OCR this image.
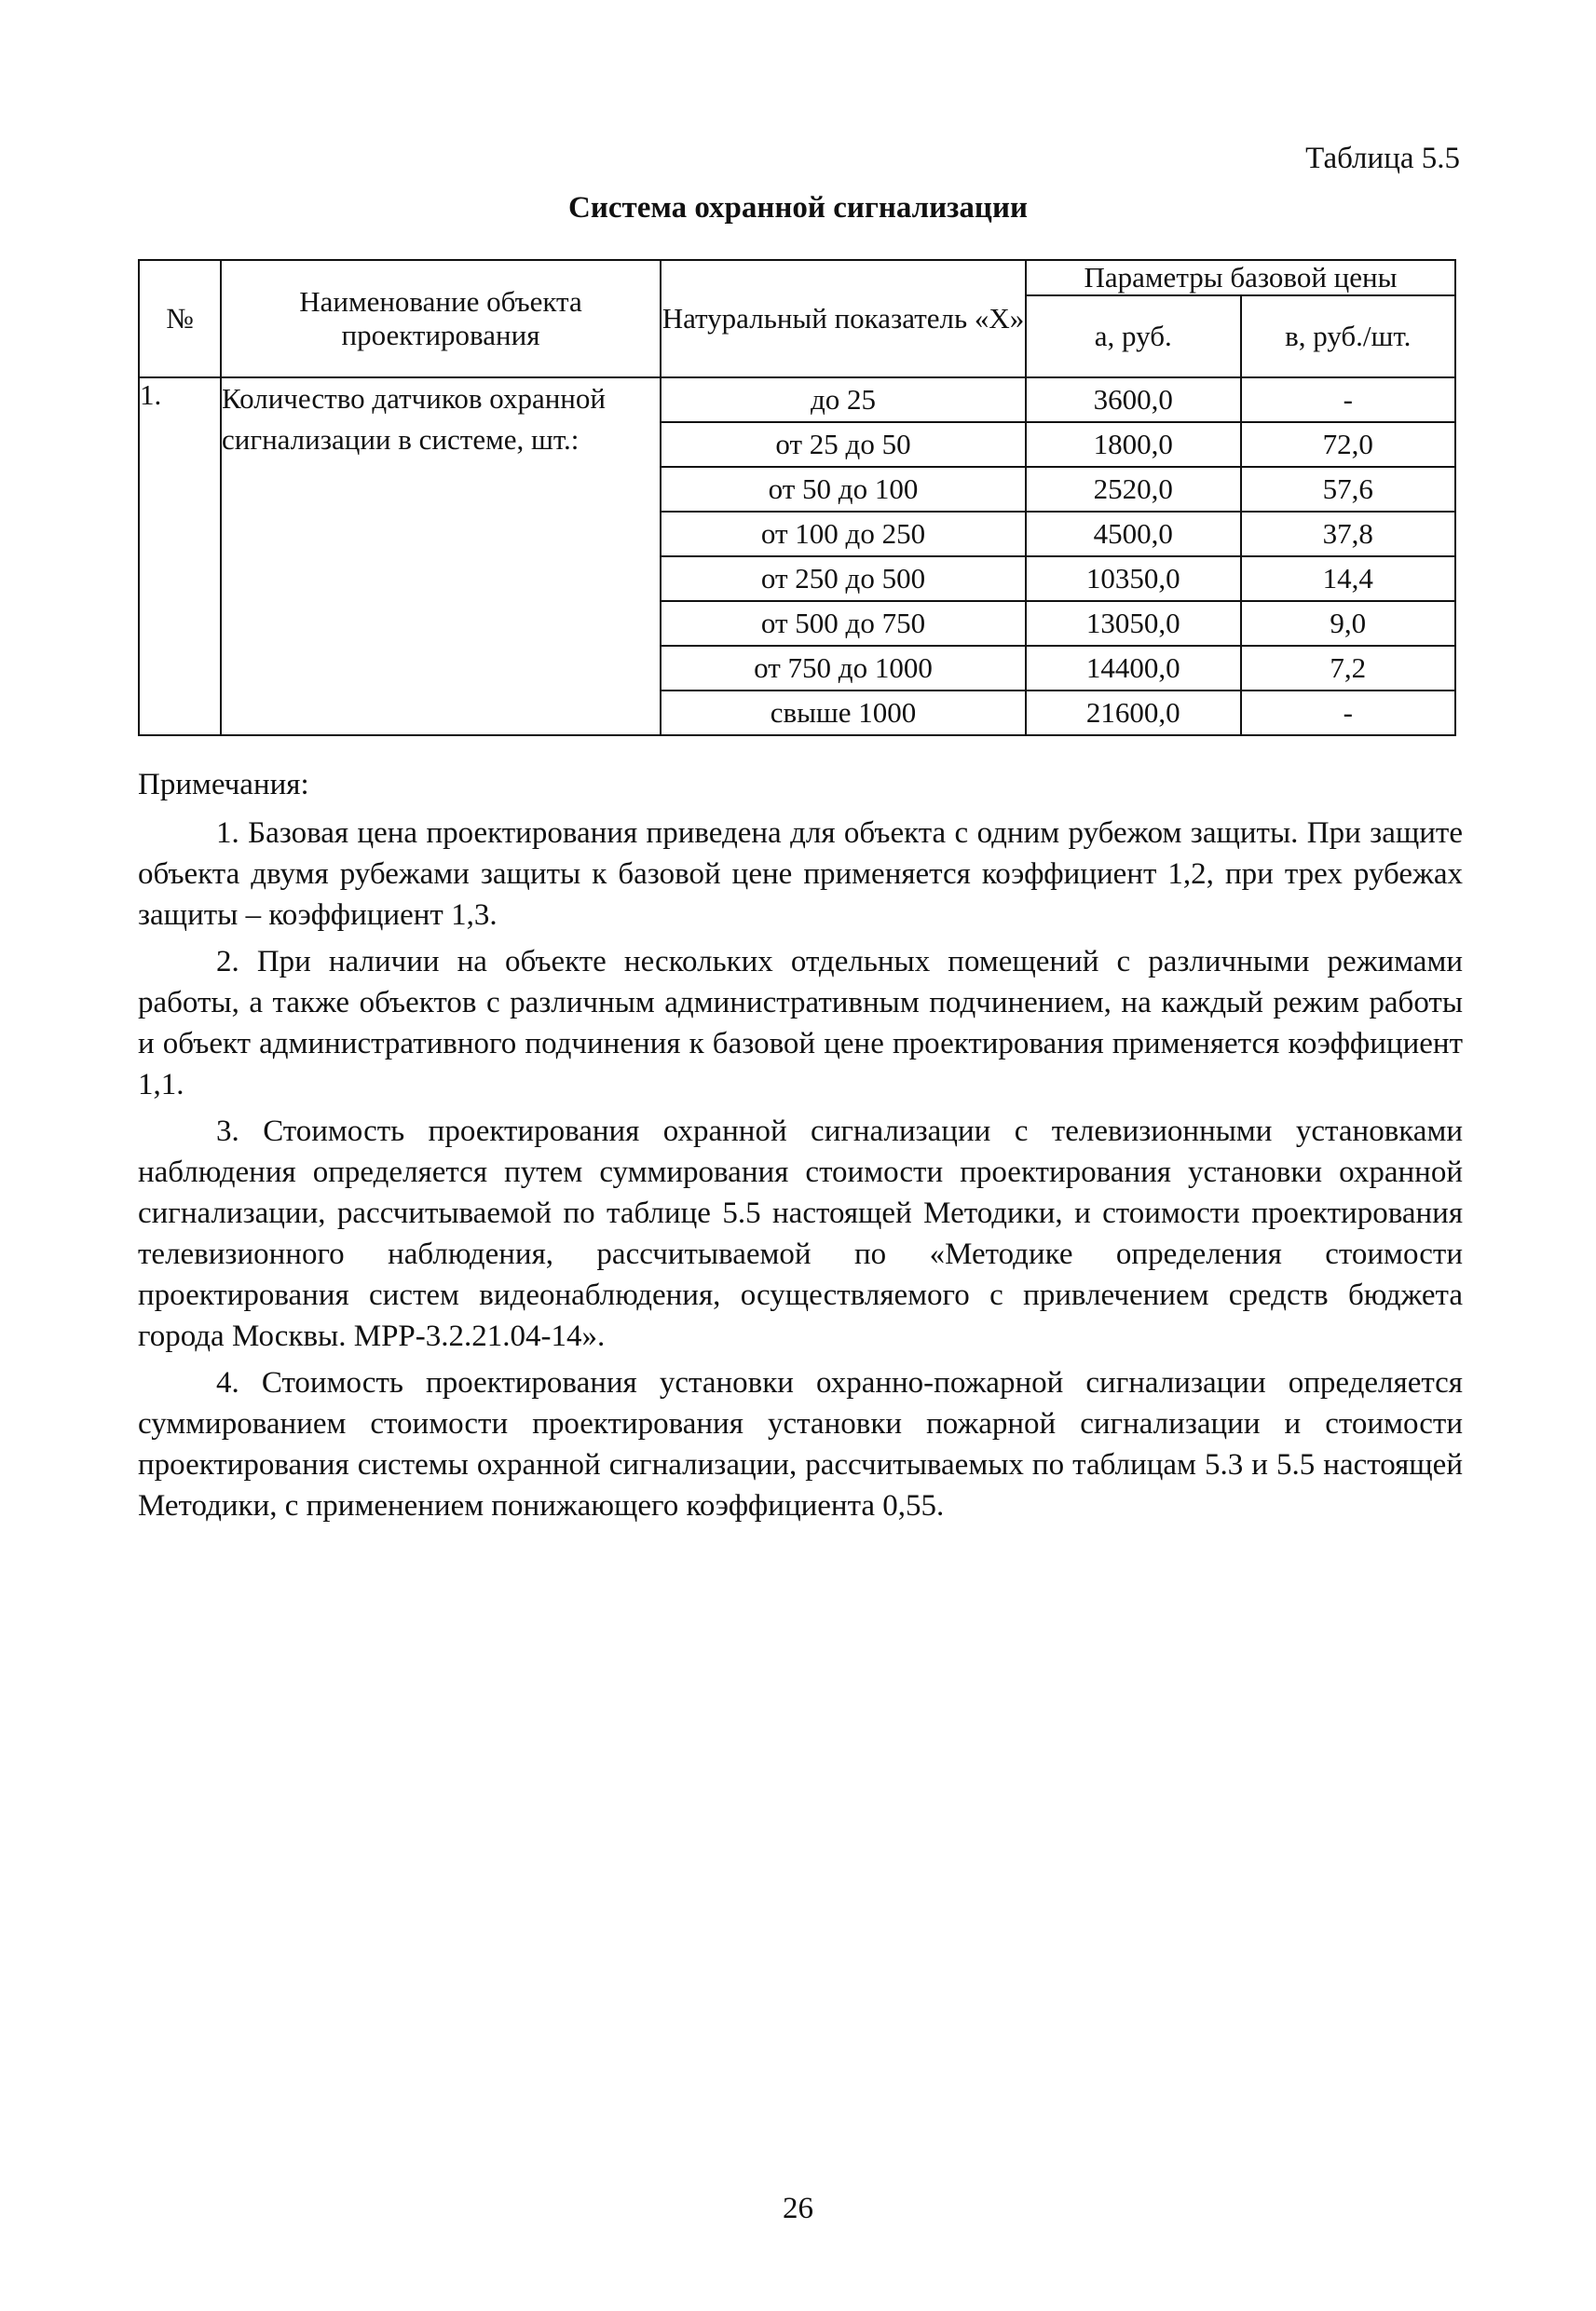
Таблица 5.5
Система охранной сигнализации
№	Наименование объекта проектирования	Натуральный показатель «Х»	Параметры базовой цены	
			а, руб.	в, руб./шт.
1.	Количество датчиков охранной сигнализации в системе, шт.:	до 25	3600,0	-
		от 25 до 50	1800,0	72,0
		от 50 до 100	2520,0	57,6
		от 100 до 250	4500,0	37,8
		от 250 до 500	10350,0	14,4
		от 500 до 750	13050,0	9,0
		от 750 до 1000	14400,0	7,2
		свыше 1000	21600,0	-
Примечания:

1. Базовая цена проектирования приведена для объекта с одним рубежом защиты. При защите объекта двумя рубежами защиты к базовой цене применяется коэффициент 1,2, при трех рубежах защиты – коэффициент 1,3.

2. При наличии на объекте нескольких отдельных помещений с различными режимами работы, а также объектов с различным административным подчинением, на каждый режим работы и объект административного подчинения к базовой цене проектирования применяется коэффициент 1,1.

3. Стоимость проектирования охранной сигнализации с телевизионными установками наблюдения определяется путем суммирования стоимости проектирования установки охранной сигнализации, рассчитываемой по таблице 5.5 настоящей Методики, и стоимости проектирования телевизионного наблюдения, рассчитываемой по «Методике определения стоимости проектирования систем видеонаблюдения, осуществляемого с привлечением средств бюджета города Москвы. МРР-3.2.21.04-14».

4. Стоимость проектирования установки охранно-пожарной сигнализации определяется суммированием стоимости проектирования установки пожарной сигнализации и стоимости проектирования системы охранной сигнализации, рассчитываемых по таблицам 5.3 и 5.5 настоящей Методики, с применением понижающего коэффициента 0,55.

26
